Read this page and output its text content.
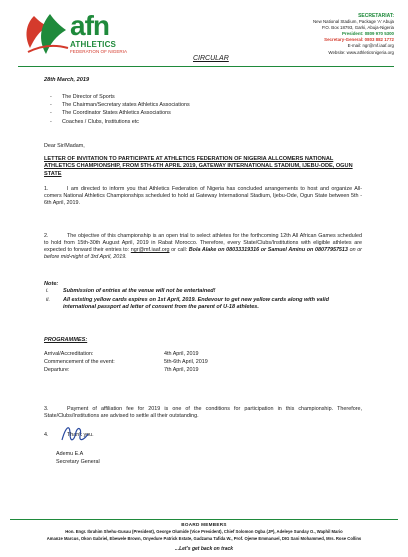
afn
ATHLETICS
FEDERATION OF NIGERIA
CIRCULAR
SECRETARIAT:
New National Stadium, Package 'A' Abuja
P.O. Box 18793, Garki, Abuja-Nigeria
President: 0809 970 5300
Secretary-General: 0803 882 1772
E-mail: ngr@mf.iaaf.org
Website: www.athleticsnigeria.org
28th March, 2019
- The Director of Sports
- The Chairman/Secretary states Athletics Associations
- The Coordinator States Athletics Associations
- Coaches / Clubs, Institutions etc
Dear Sir/Madam,
LETTER OF INVITATION TO PARTICIPATE AT ATHLETICS FEDERATION OF NIGERIA ALLCOMERS NATIONAL ATHLETICS CHAMPIONSHIP, FROM 5TH-6TH APRIL 2019, GATEWAY INTERNATIONAL STADIUM, IJEBU-ODE, OGUN STATE
1.	I am directed to inform you that Athletics Federation of Nigeria has concluded arrangements to host and organize All-comers National Athletics Championships scheduled to hold at Gateway International Stadium, Ijebu-Ode, Ogun State between 5th - 6th April, 2019.
2.	The objective of this championship is an open trial to select athletes for the forthcoming 12th All African Games scheduled to hold from 15th-30th August April, 2019 in Rabat Morocco. Therefore, every State/Clubs/Institutions with eligible athletes are expected to forward their entries to: ngr@mf.iaaf.org or call: Bola Alake on 08033319316 or Samuel Aminu on 08077957513 on or before mid-night of 3rd April, 2019.
Note:
i.	Submission of entries at the venue will not be entertained!
ii. All existing yellow cards expires on 1st April, 2019. Endevour to get new yellow cards along with valid international passport ad letter of consent from the parent of U-18 athletes.
PROGRAMMES:
Arrival/Accreditation:	4th April, 2019
Commencement of the event:	5th-6th April, 2019
Departure:	7th April, 2019
3.	Payment of affiliation fee for 2019 is one of the conditions for participation in this championship. Therefore, State/Clubs/Institutions are advised to settle all their outstanding.
4.	Thank you.
Ademu E.A
Secretary General
BOARD MEMBERS
Hon. Engr. Ibrahim Shehu-Gusau (President), George Olumide (Vice President), Chief Solomon Ogba (JP), Adeleye Sunday O., Waphil Mario
Amanze Marcus, Okon Gabriel, Ebewele Brown, Onyedure Patrick Estate, Gadzama Tafida W., Prof. Ojeme Emmanuel, DIG Sani Mohammed, Mrs. Rose Collins
...Let's get back on track
